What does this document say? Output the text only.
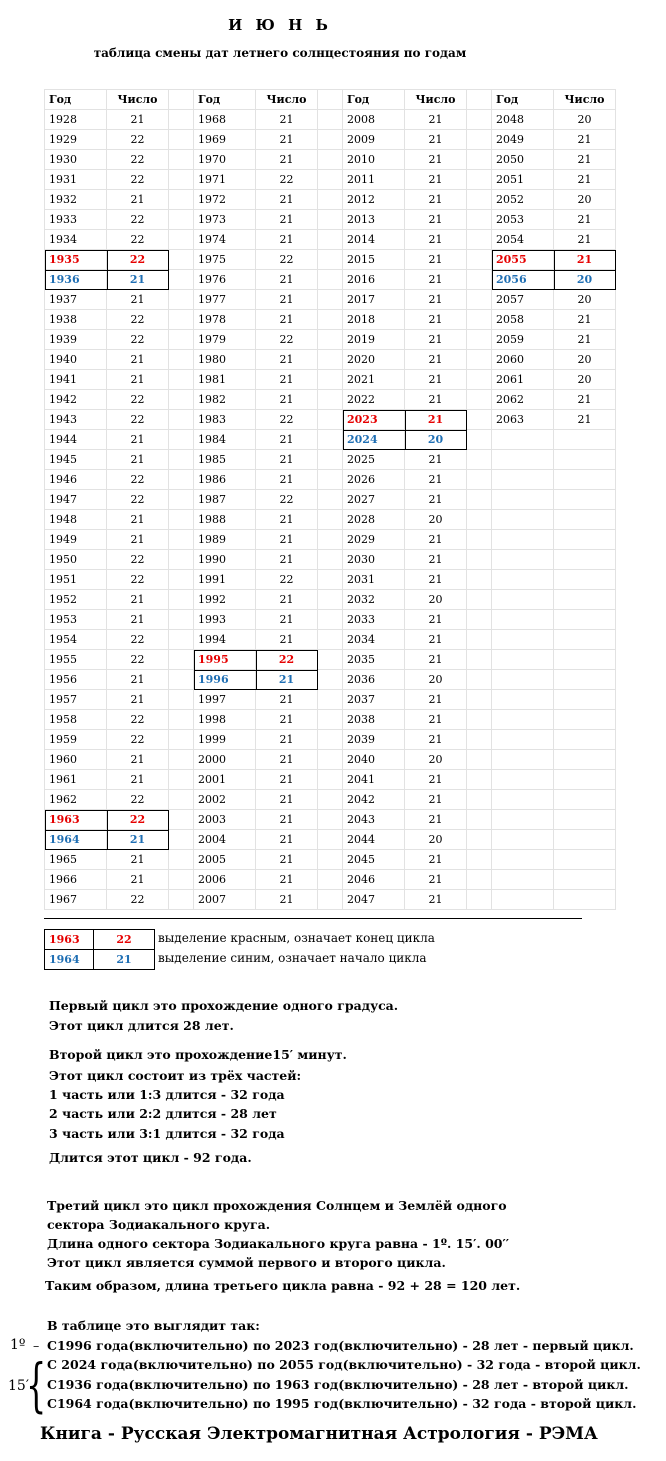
И Ю Н Ь
таблица смены дат летнего солнцестояния по годам
Год	Число		Год	Число		Год	Число		Год	Число
1928	21		1968	21		2008	21		2048	20
1929	22		1969	21		2009	21		2049	21
1930	22		1970	21		2010	21		2050	21
1931	22		1971	22		2011	21		2051	21
1932	21		1972	21		2012	21		2052	20
1933	22		1973	21		2013	21		2053	21
1934	22		1974	21		2014	21		2054	21
1935	22		1975	22		2015	21		2055	21
1936	21		1976	21		2016	21		2056	20
1937	21		1977	21		2017	21		2057	20
1938	22		1978	21		2018	21		2058	21
1939	22		1979	22		2019	21		2059	21
1940	21		1980	21		2020	21		2060	20
1941	21		1981	21		2021	21		2061	20
1942	22		1982	21		2022	21		2062	21
1943	22		1983	22		2023	21		2063	21
1944	21		1984	21		2024	20			
1945	21		1985	21		2025	21			
1946	22		1986	21		2026	21			
1947	22		1987	22		2027	21			
1948	21		1988	21		2028	20			
1949	21		1989	21		2029	21			
1950	22		1990	21		2030	21			
1951	22		1991	22		2031	21			
1952	21		1992	21		2032	20			
1953	21		1993	21		2033	21			
1954	22		1994	21		2034	21			
1955	22		1995	22		2035	21			
1956	21		1996	21		2036	20			
1957	21		1997	21		2037	21			
1958	22		1998	21		2038	21			
1959	22		1999	21		2039	21			
1960	21		2000	21		2040	20			
1961	21		2001	21		2041	21			
1962	22		2002	21		2042	21			
1963	22		2003	21		2043	21			
1964	21		2004	21		2044	20			
1965	21		2005	21		2045	21			
1966	21		2006	21		2046	21			
1967	22		2007	21		2047	21			
1963	22
1964	21
выделение красным, означает конец цикла
выделение синим, означает начало цикла
Первый цикл это прохождение одного градуса.
Этот цикл длится 28 лет.
Второй цикл это прохождение15′ минут.
Этот цикл состоит из трёх частей:
1 часть или 1:3 длится - 32 года
2 часть или 2:2 длится - 28 лет
3 часть или 3:1 длится - 32 года
Длится этот цикл - 92 года.
Третий цикл это цикл прохождения Солнцем и Землёй одного
сектора Зодиакального круга.
Длина одного сектора Зодиакального круга равна - 1º. 15′. 00′′
Этот цикл является суммой первого и второго цикла.
Таким образом, длина третьего цикла равна - 92 + 28 = 120 лет.
В таблице это выглядит так:
1º – С1996 года(включительно) по 2023 год(включительно) - 28 лет - первый цикл.
{
15′
С 2024 года(включительно) по 2055 год(включительно) - 32 года - второй цикл.
С1936 года(включительно) по 1963 год(включительно) - 28 лет - второй цикл.
С1964 года(включительно) по 1995 год(включительно) - 32 года - второй цикл.
Книга - Русская Электромагнитная Астрология - РЭМА
